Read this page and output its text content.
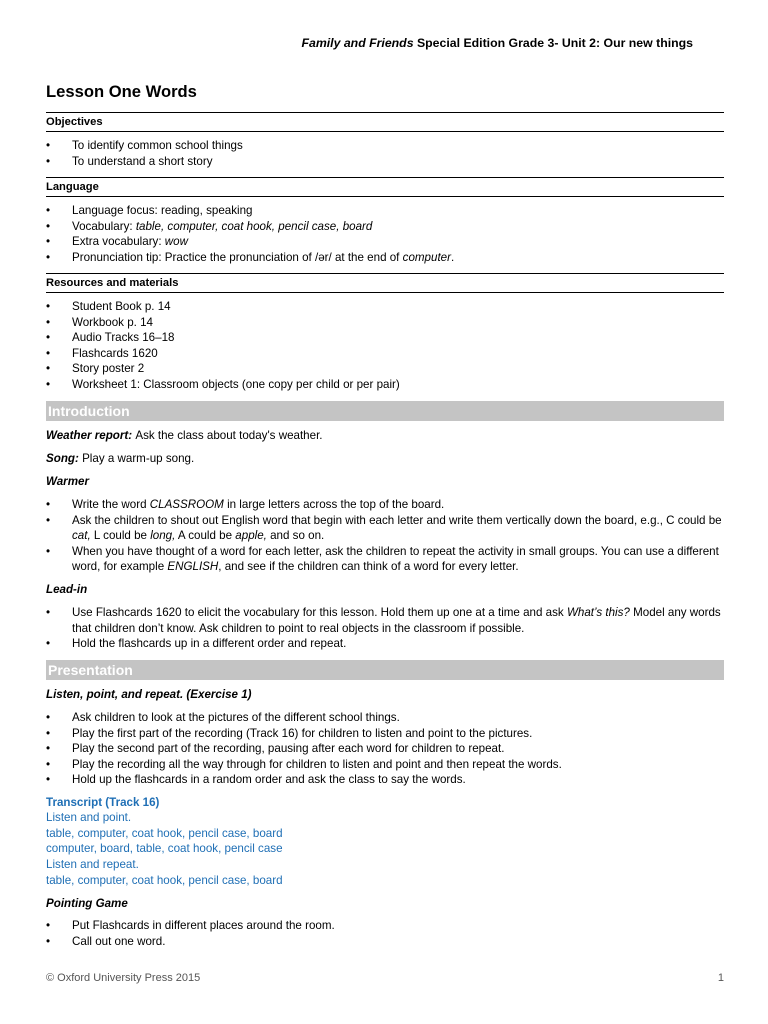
Family and Friends Special Edition Grade 3- Unit 2: Our new things
Lesson One Words
Objectives
• To identify common school things
• To understand a short story
Language
• Language focus: reading, speaking
• Vocabulary: table, computer, coat hook, pencil case, board
• Extra vocabulary: wow
• Pronunciation tip: Practice the pronunciation of /ər/ at the end of computer.
Resources and materials
• Student Book p. 14
• Workbook p. 14
• Audio Tracks 16–18
• Flashcards 1620
• Story poster 2
• Worksheet 1: Classroom objects (one copy per child or per pair)
Introduction
Weather report: Ask the class about today's weather.
Song: Play a warm-up song.
Warmer
• Write the word CLASSROOM in large letters across the top of the board.
• Ask the children to shout out English word that begin with each letter and write them vertically down the board, e.g., C could be cat, L could be long, A could be apple, and so on.
• When you have thought of a word for each letter, ask the children to repeat the activity in small groups. You can use a different word, for example ENGLISH, and see if the children can think of a word for every letter.
Lead-in
• Use Flashcards 1620 to elicit the vocabulary for this lesson. Hold them up one at a time and ask What’s this? Model any words that children don’t know. Ask children to point to real objects in the classroom if possible.
• Hold the flashcards up in a different order and repeat.
Presentation
Listen, point, and repeat. (Exercise 1)
• Ask children to look at the pictures of the different school things.
• Play the first part of the recording (Track 16) for children to listen and point to the pictures.
• Play the second part of the recording, pausing after each word for children to repeat.
• Play the recording all the way through for children to listen and point and then repeat the words.
• Hold up the flashcards in a random order and ask the class to say the words.
Transcript (Track 16)
Listen and point.
table, computer, coat hook, pencil case, board
computer, board, table, coat hook, pencil case
Listen and repeat.
table, computer, coat hook, pencil case, board
Pointing Game
• Put Flashcards in different places around the room.
• Call out one word.
© Oxford University Press 2015	1
